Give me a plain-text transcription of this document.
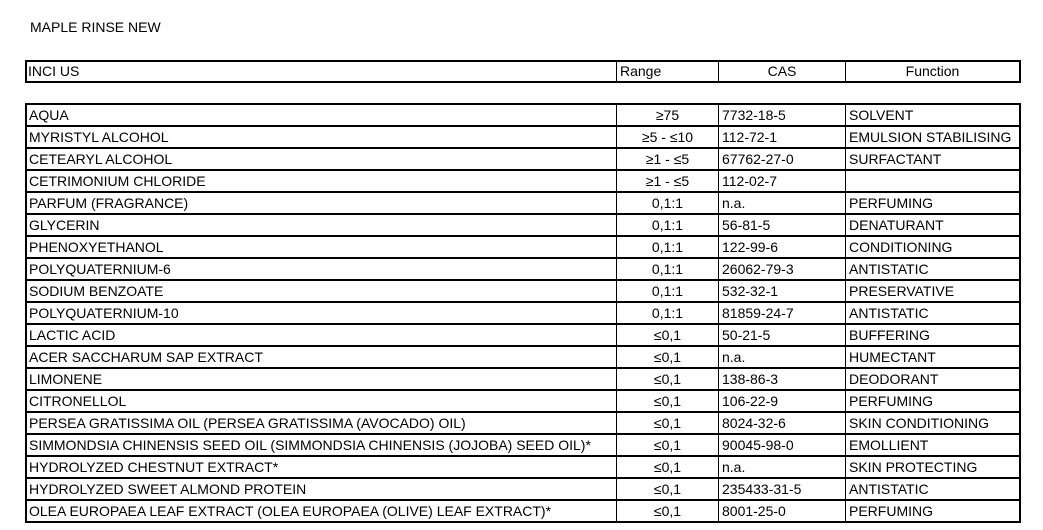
MAPLE RINSE NEW
INCI US	Range	CAS	Function
AQUA	≥75	7732-18-5	SOLVENT
MYRISTYL ALCOHOL	≥5 - ≤10	112-72-1	EMULSION STABILISING
CETEARYL ALCOHOL	≥1 - ≤5	67762-27-0	SURFACTANT
CETRIMONIUM CHLORIDE	≥1 - ≤5	112-02-7
PARFUM (FRAGRANCE)	0,1:1	n.a.	PERFUMING
GLYCERIN	0,1:1	56-81-5	DENATURANT
PHENOXYETHANOL	0,1:1	122-99-6	CONDITIONING
POLYQUATERNIUM-6	0,1:1	26062-79-3	ANTISTATIC
SODIUM BENZOATE	0,1:1	532-32-1	PRESERVATIVE
POLYQUATERNIUM-10	0,1:1	81859-24-7	ANTISTATIC
LACTIC ACID	≤0,1	50-21-5	BUFFERING
ACER SACCHARUM SAP EXTRACT	≤0,1	n.a.	HUMECTANT
LIMONENE	≤0,1	138-86-3	DEODORANT
CITRONELLOL	≤0,1	106-22-9	PERFUMING
PERSEA GRATISSIMA OIL (PERSEA GRATISSIMA (AVOCADO) OIL)	≤0,1	8024-32-6	SKIN CONDITIONING
SIMMONDSIA CHINENSIS SEED OIL (SIMMONDSIA CHINENSIS (JOJOBA) SEED OIL)*	≤0,1	90045-98-0	EMOLLIENT
HYDROLYZED CHESTNUT EXTRACT*	≤0,1	n.a.	SKIN PROTECTING
HYDROLYZED SWEET ALMOND PROTEIN	≤0,1	235433-31-5	ANTISTATIC
OLEA EUROPAEA LEAF EXTRACT (OLEA EUROPAEA (OLIVE) LEAF EXTRACT)*	≤0,1	8001-25-0	PERFUMING
